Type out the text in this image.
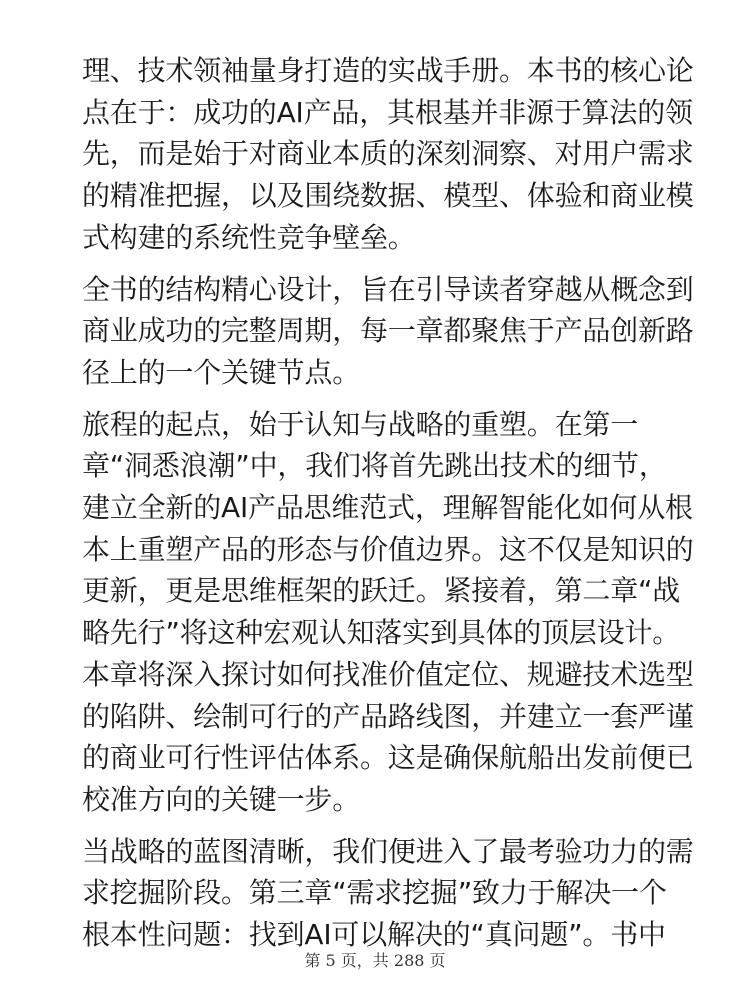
理、技术领袖量身打造的实战手册。本书的核心论
点在于：成功的AI产品，其根基并非源于算法的领
先，而是始于对商业本质的深刻洞察、对用户需求
的精准把握，以及围绕数据、模型、体验和商业模
式构建的系统性竞争壁垒。
全书的结构精心设计，旨在引导读者穿越从概念到
商业成功的完整周期，每一章都聚焦于产品创新路
径上的一个关键节点。
旅程的起点，始于认知与战略的重塑。在第一
章“洞悉浪潮”中，我们将首先跳出技术的细节，
建立全新的AI产品思维范式，理解智能化如何从根
本上重塑产品的形态与价值边界。这不仅是知识的
更新，更是思维框架的跃迁。紧接着，第二章“战
略先行”将这种宏观认知落实到具体的顶层设计。
本章将深入探讨如何找准价值定位、规避技术选型
的陷阱、绘制可行的产品路线图，并建立一套严谨
的商业可行性评估体系。这是确保航船出发前便已
校准方向的关键一步。
当战略的蓝图清晰，我们便进入了最考验功力的需
求挖掘阶段。第三章“需求挖掘”致力于解决一个
根本性问题：找到AI可以解决的“真问题”。书中
第 5 页，共 288 页
